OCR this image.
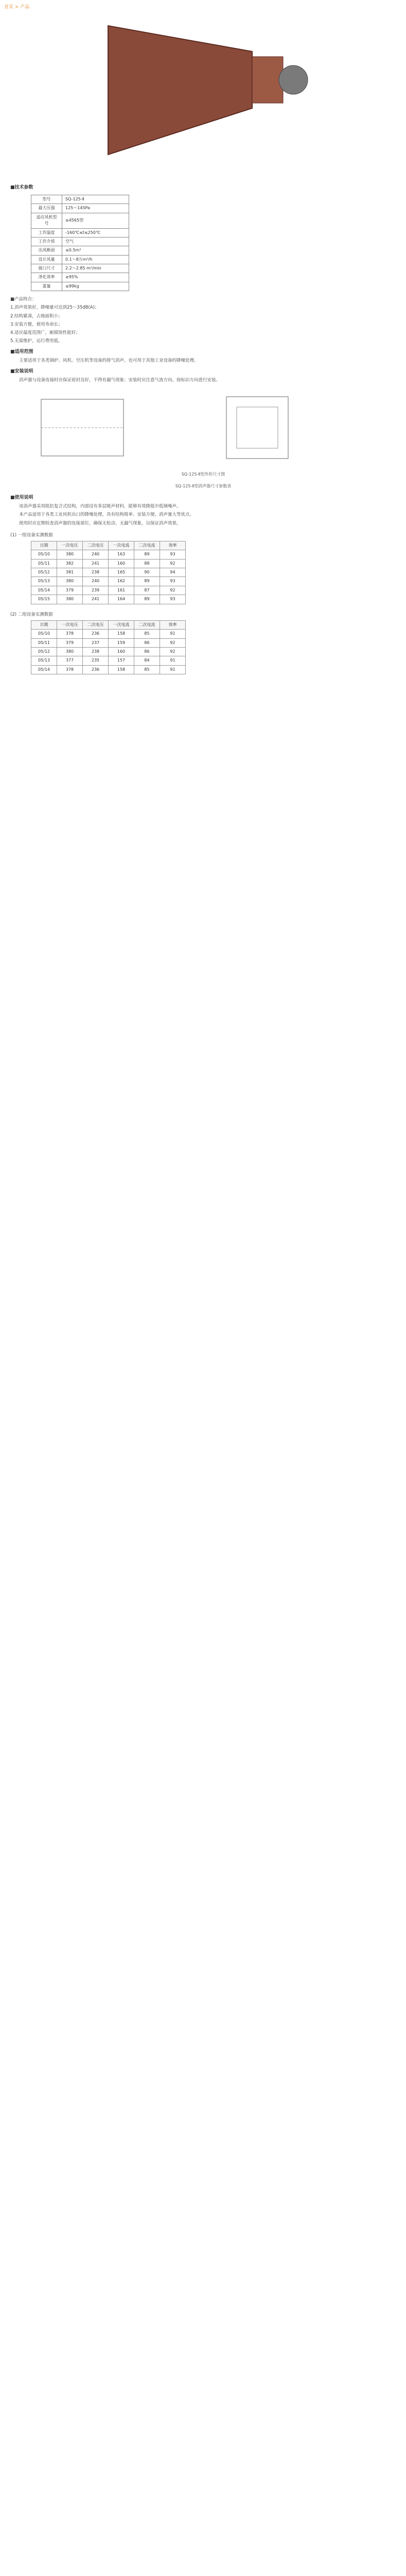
首页 > 产品
■技术参数
型号	SQ-125-Ⅱ
最大压强	125～145Pa
适应风机型号	≤4565型
工作温度	-160℃≤t≤250℃
工作介质	空气
出风断面	≤0.5m³
设计风量	0.1～8万m³/h
接口尺寸	2.2～2.85 m²/min
净化效率	≥95%
重量	≤99kg
■产品特点：
1.消声效果好，降噪量可达到25～35dB(A)；
2.结构紧凑，占地面积小；
3.安装方便，使用寿命长；
4.适应温度范围广，耐腐蚀性能好；
5.无需维护，运行费用低。
■适用范围
主要适用于各类锅炉、风机、空压机等设备的排气消声，也可用于其他工业设备的降噪处理。
■安装说明
消声器与设备连接时应保证密封良好，不得有漏气现象；安装时应注意气流方向，按标识方向进行安装。
SQ-125-Ⅱ型外形尺寸图
SQ-125-Ⅱ型消声器尺寸参数表
■使用说明
该消声器采用阻抗复合式结构，内部设有多层吸声材料，能够有效降低中低频噪声。
本产品适用于各类工业风机出口的降噪处理，具有结构简单、安装方便、消声量大等优点。
使用时应定期检查消声器的连接部位，确保无松动、无漏气现象，以保证消声效果。
(1) 一组设备实测数据
日期	一次电压	二次电压	一次电流	二次电流	效率
05/10	380	240	163	89	93
05/11	382	241	160	88	92
05/12	381	238	165	90	94
05/13	380	240	162	89	93
05/14	379	239	161	87	92
05/15	380	241	164	89	93
(2) 二组设备实测数据
日期	一次电压	二次电压	一次电流	二次电流	效率
05/10	378	236	158	85	91
05/11	379	237	159	86	92
05/12	380	238	160	86	92
05/13	377	235	157	84	91
05/14	378	236	158	85	91
